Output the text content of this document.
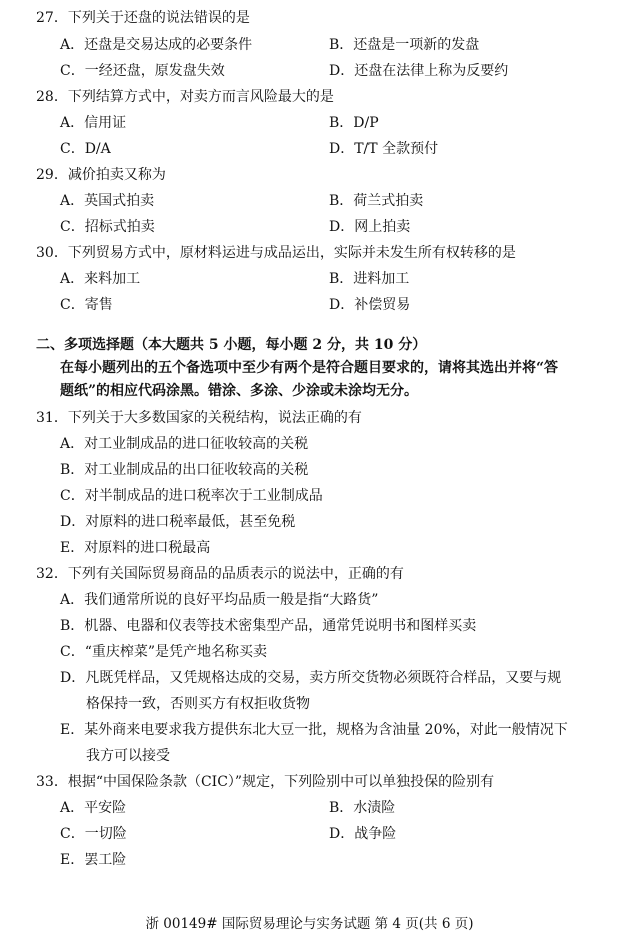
27．下列关于还盘的说法错误的是
A．还盘是交易达成的必要条件	B．还盘是一项新的发盘
C．一经还盘，原发盘失效	D．还盘在法律上称为反要约
28．下列结算方式中，对卖方而言风险最大的是
A．信用证	B．D/P
C．D/A	D．T/T 全款预付
29．减价拍卖又称为
A．英国式拍卖	B．荷兰式拍卖
C．招标式拍卖	D．网上拍卖
30．下列贸易方式中，原材料运进与成品运出，实际并未发生所有权转移的是
A．来料加工	B．进料加工
C．寄售	D．补偿贸易
二、多项选择题（本大题共 5 小题，每小题 2 分，共 10 分）
在每小题列出的五个备选项中至少有两个是符合题目要求的，请将其选出并将“答
题纸”的相应代码涂黑。错涂、多涂、少涂或未涂均无分。
31．下列关于大多数国家的关税结构，说法正确的有
A．对工业制成品的进口征收较高的关税
B．对工业制成品的出口征收较高的关税
C．对半制成品的进口税率次于工业制成品
D．对原料的进口税率最低，甚至免税
E．对原料的进口税最高
32．下列有关国际贸易商品的品质表示的说法中，正确的有
A．我们通常所说的良好平均品质一般是指“大路货”
B．机器、电器和仪表等技术密集型产品，通常凭说明书和图样买卖
C．“重庆榨菜”是凭产地名称买卖
D．凡既凭样品，又凭规格达成的交易，卖方所交货物必须既符合样品，又要与规
格保持一致，否则买方有权拒收货物
E．某外商来电要求我方提供东北大豆一批，规格为含油量 20%，对此一般情况下
我方可以接受
33．根据“中国保险条款（CIC）”规定，下列险别中可以单独投保的险别有
A．平安险	B．水渍险
C．一切险	D．战争险
E．罢工险
浙 00149# 国际贸易理论与实务试题 第 4 页(共 6 页)
